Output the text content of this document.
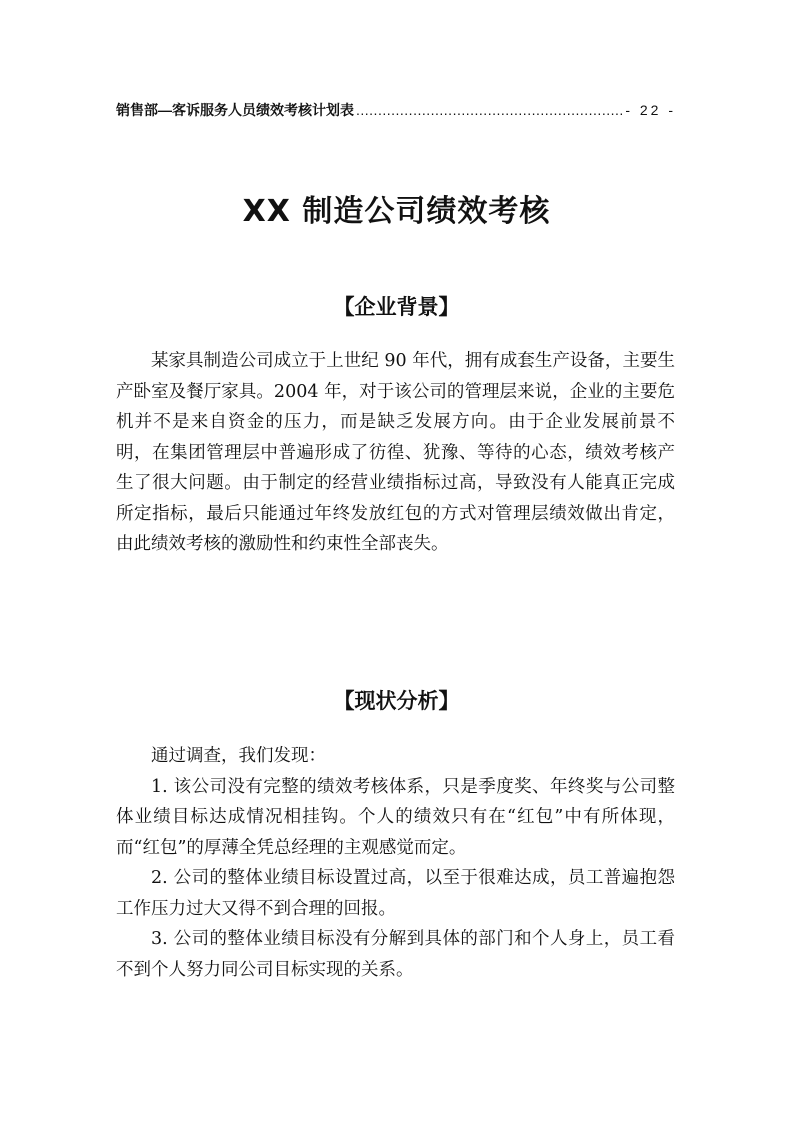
销售部—客诉服务人员绩效考核计划表
.....	- 22 -
XX 制造公司绩效考核
【企业背景】

某家具制造公司成立于上世纪 90 年代，拥有成套生产设备，主要生产卧室及餐厅家具。2004 年，对于该公司的管理层来说，企业的主要危机并不是来自资金的压力，而是缺乏发展方向。由于企业发展前景不明，在集团管理层中普遍形成了彷徨、犹豫、等待的心态，绩效考核产生了很大问题。由于制定的经营业绩指标过高，导致没有人能真正完成所定指标，最后只能通过年终发放红包的方式对管理层绩效做出肯定，由此绩效考核的激励性和约束性全部丧失。

【现状分析】
通过调查，我们发现：
1. 该公司没有完整的绩效考核体系，只是季度奖、年终奖与公司整体业绩目标达成情况相挂钩。个人的绩效只有在“红包”中有所体现，而“红包”的厚薄全凭总经理的主观感觉而定。
2. 公司的整体业绩目标设置过高，以至于很难达成，员工普遍抱怨工作压力过大又得不到合理的回报。
3. 公司的整体业绩目标没有分解到具体的部门和个人身上，员工看不到个人努力同公司目标实现的关系。
